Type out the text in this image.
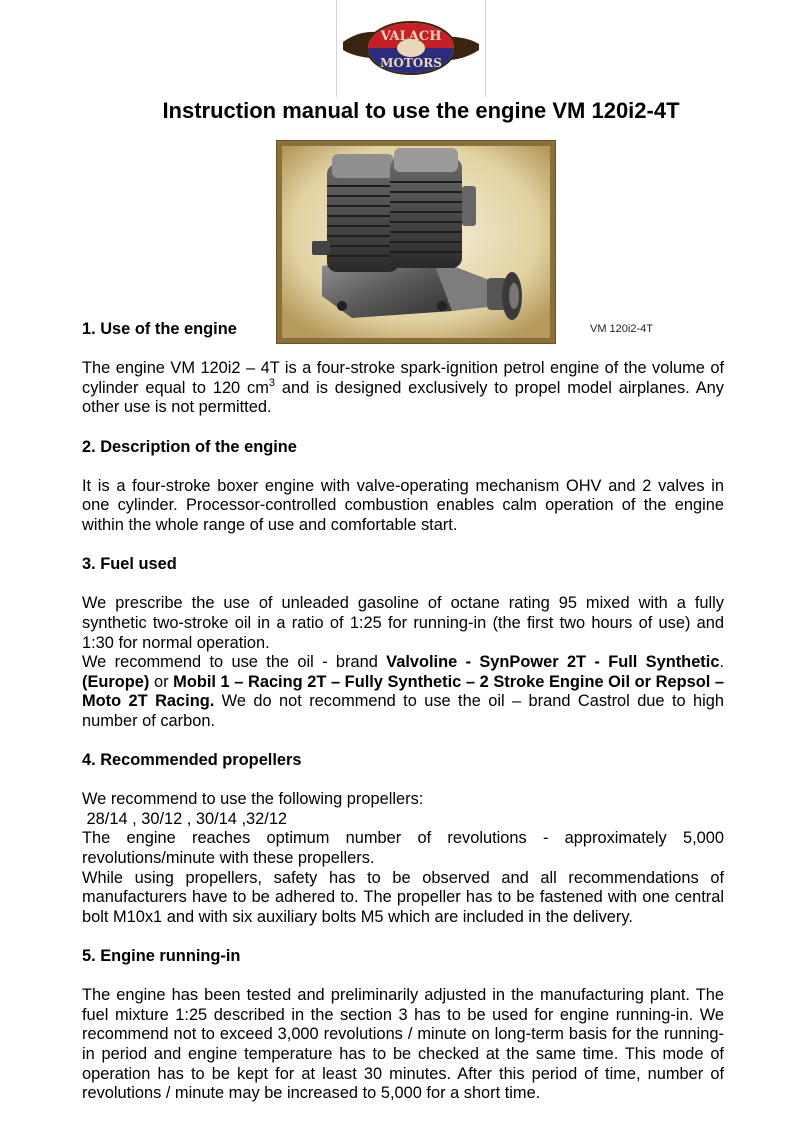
VALACH
MOTORS
Instruction manual to use the engine VM 120i2-4T
VM 120i2-4T
1. Use of the engine

The engine VM 120i2 – 4T is a four-stroke spark-ignition petrol engine of the volume of cylinder equal to 120 $cm^3$ and is designed exclusively to propel model airplanes. Any other use is not permitted.

2. Description of the engine

It is a four-stroke boxer engine with valve-operating mechanism OHV and 2 valves in one cylinder. Processor-controlled combustion enables calm operation of the engine within the whole range of use and comfortable start.

3. Fuel used

We prescribe the use of unleaded gasoline of octane rating 95 mixed with a fully synthetic two-stroke oil in a ratio of 1:25 for running-in (the first two hours of use) and 1:30 for normal operation.

We recommend to use the oil - brand Valvoline - SynPower 2T - Full Synthetic. (Europe) or Mobil 1 – Racing 2T – Fully Synthetic – 2 Stroke Engine Oil or Repsol – Moto 2T Racing. We do not recommend to use the oil – brand Castrol due to high number of carbon.

4. Recommended propellers

We recommend to use the following propellers:

28/14 , 30/12 , 30/14 ,32/12

The engine reaches optimum number of revolutions - approximately 5,000 revolutions/minute with these propellers.

While using propellers, safety has to be observed and all recommendations of manufacturers have to be adhered to. The propeller has to be fastened with one central bolt M10x1 and with six auxiliary bolts M5 which are included in the delivery.

5. Engine running-in

The engine has been tested and preliminarily adjusted in the manufacturing plant. The fuel mixture 1:25 described in the section 3 has to be used for engine running-in. We recommend not to exceed 3,000 revolutions / minute on long-term basis for the running-in period and engine temperature has to be checked at the same time. This mode of operation has to be kept for at least 30 minutes. After this period of time, number of revolutions / minute may be increased to 5,000 for a short time.
